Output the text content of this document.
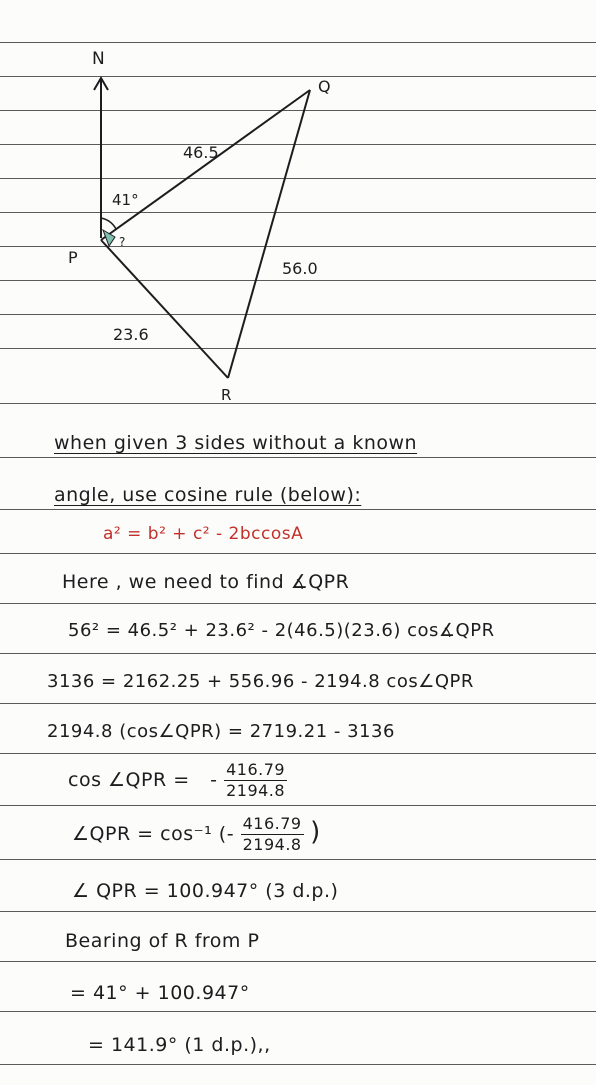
N
P
Q
R
46.5
56.0
23.6
41°
?
when given 3 sides without a known
angle, use cosine rule (below):
a² = b² + c² - 2bccosA
Here , we need to find ∡QPR
56² = 46.5² + 23.6² - 2(46.5)(23.6) cos∡QPR
3136 = 2162.25 + 556.96 - 2194.8 cos∠QPR
2194.8 (cos∠QPR) = 2719.21 - 3136
cos ∠QPR = - $\frac{416.79}{2194.8}$
∠QPR = cos⁻¹ (- $\frac{416.79}{2194.8}$ )
∠ QPR = 100.947° (3 d.p.)
Bearing of R from P
= 41° + 100.947°
= 141.9° (1 d.p.),,
